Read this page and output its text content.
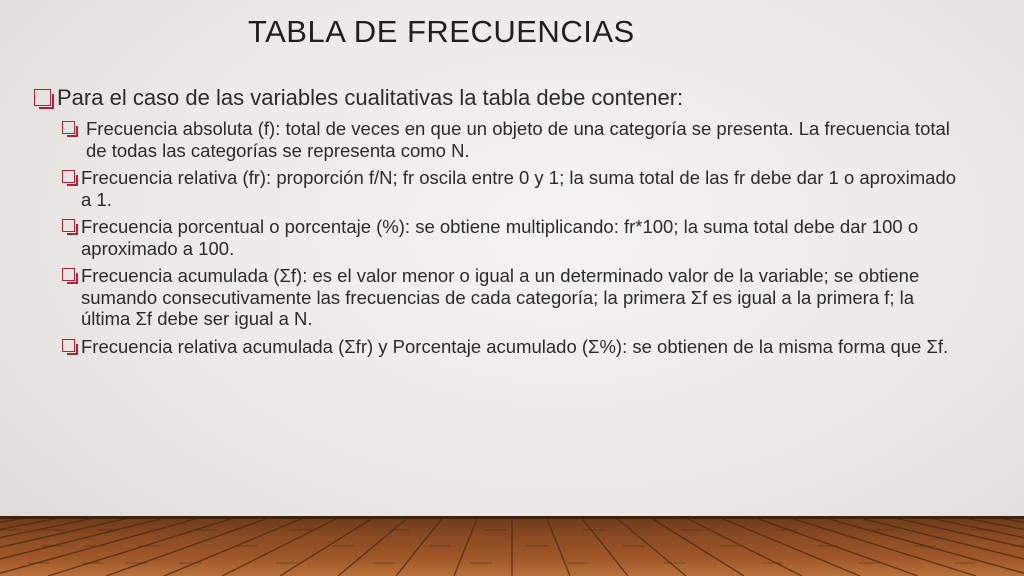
TABLA DE FRECUENCIAS
Para el caso de las variables cualitativas la tabla debe contener:
Frecuencia absoluta (f): total de veces en que un objeto de una categoría se presenta. La frecuencia total de todas las categorías se representa como N.
Frecuencia relativa (fr): proporción f/N; fr oscila entre 0 y 1; la suma total de las fr debe dar 1 o aproximado a 1.
Frecuencia porcentual o porcentaje (%): se obtiene multiplicando: fr*100; la suma total debe dar 100 o aproximado a 100.
Frecuencia acumulada (Σf): es el valor menor o igual a un determinado valor de la variable; se obtiene sumando consecutivamente las frecuencias de cada categoría; la primera Σf es igual a la primera f; la última Σf debe ser igual a N.
Frecuencia relativa acumulada (Σfr) y Porcentaje acumulado (Σ%): se obtienen de la misma forma que Σf.
